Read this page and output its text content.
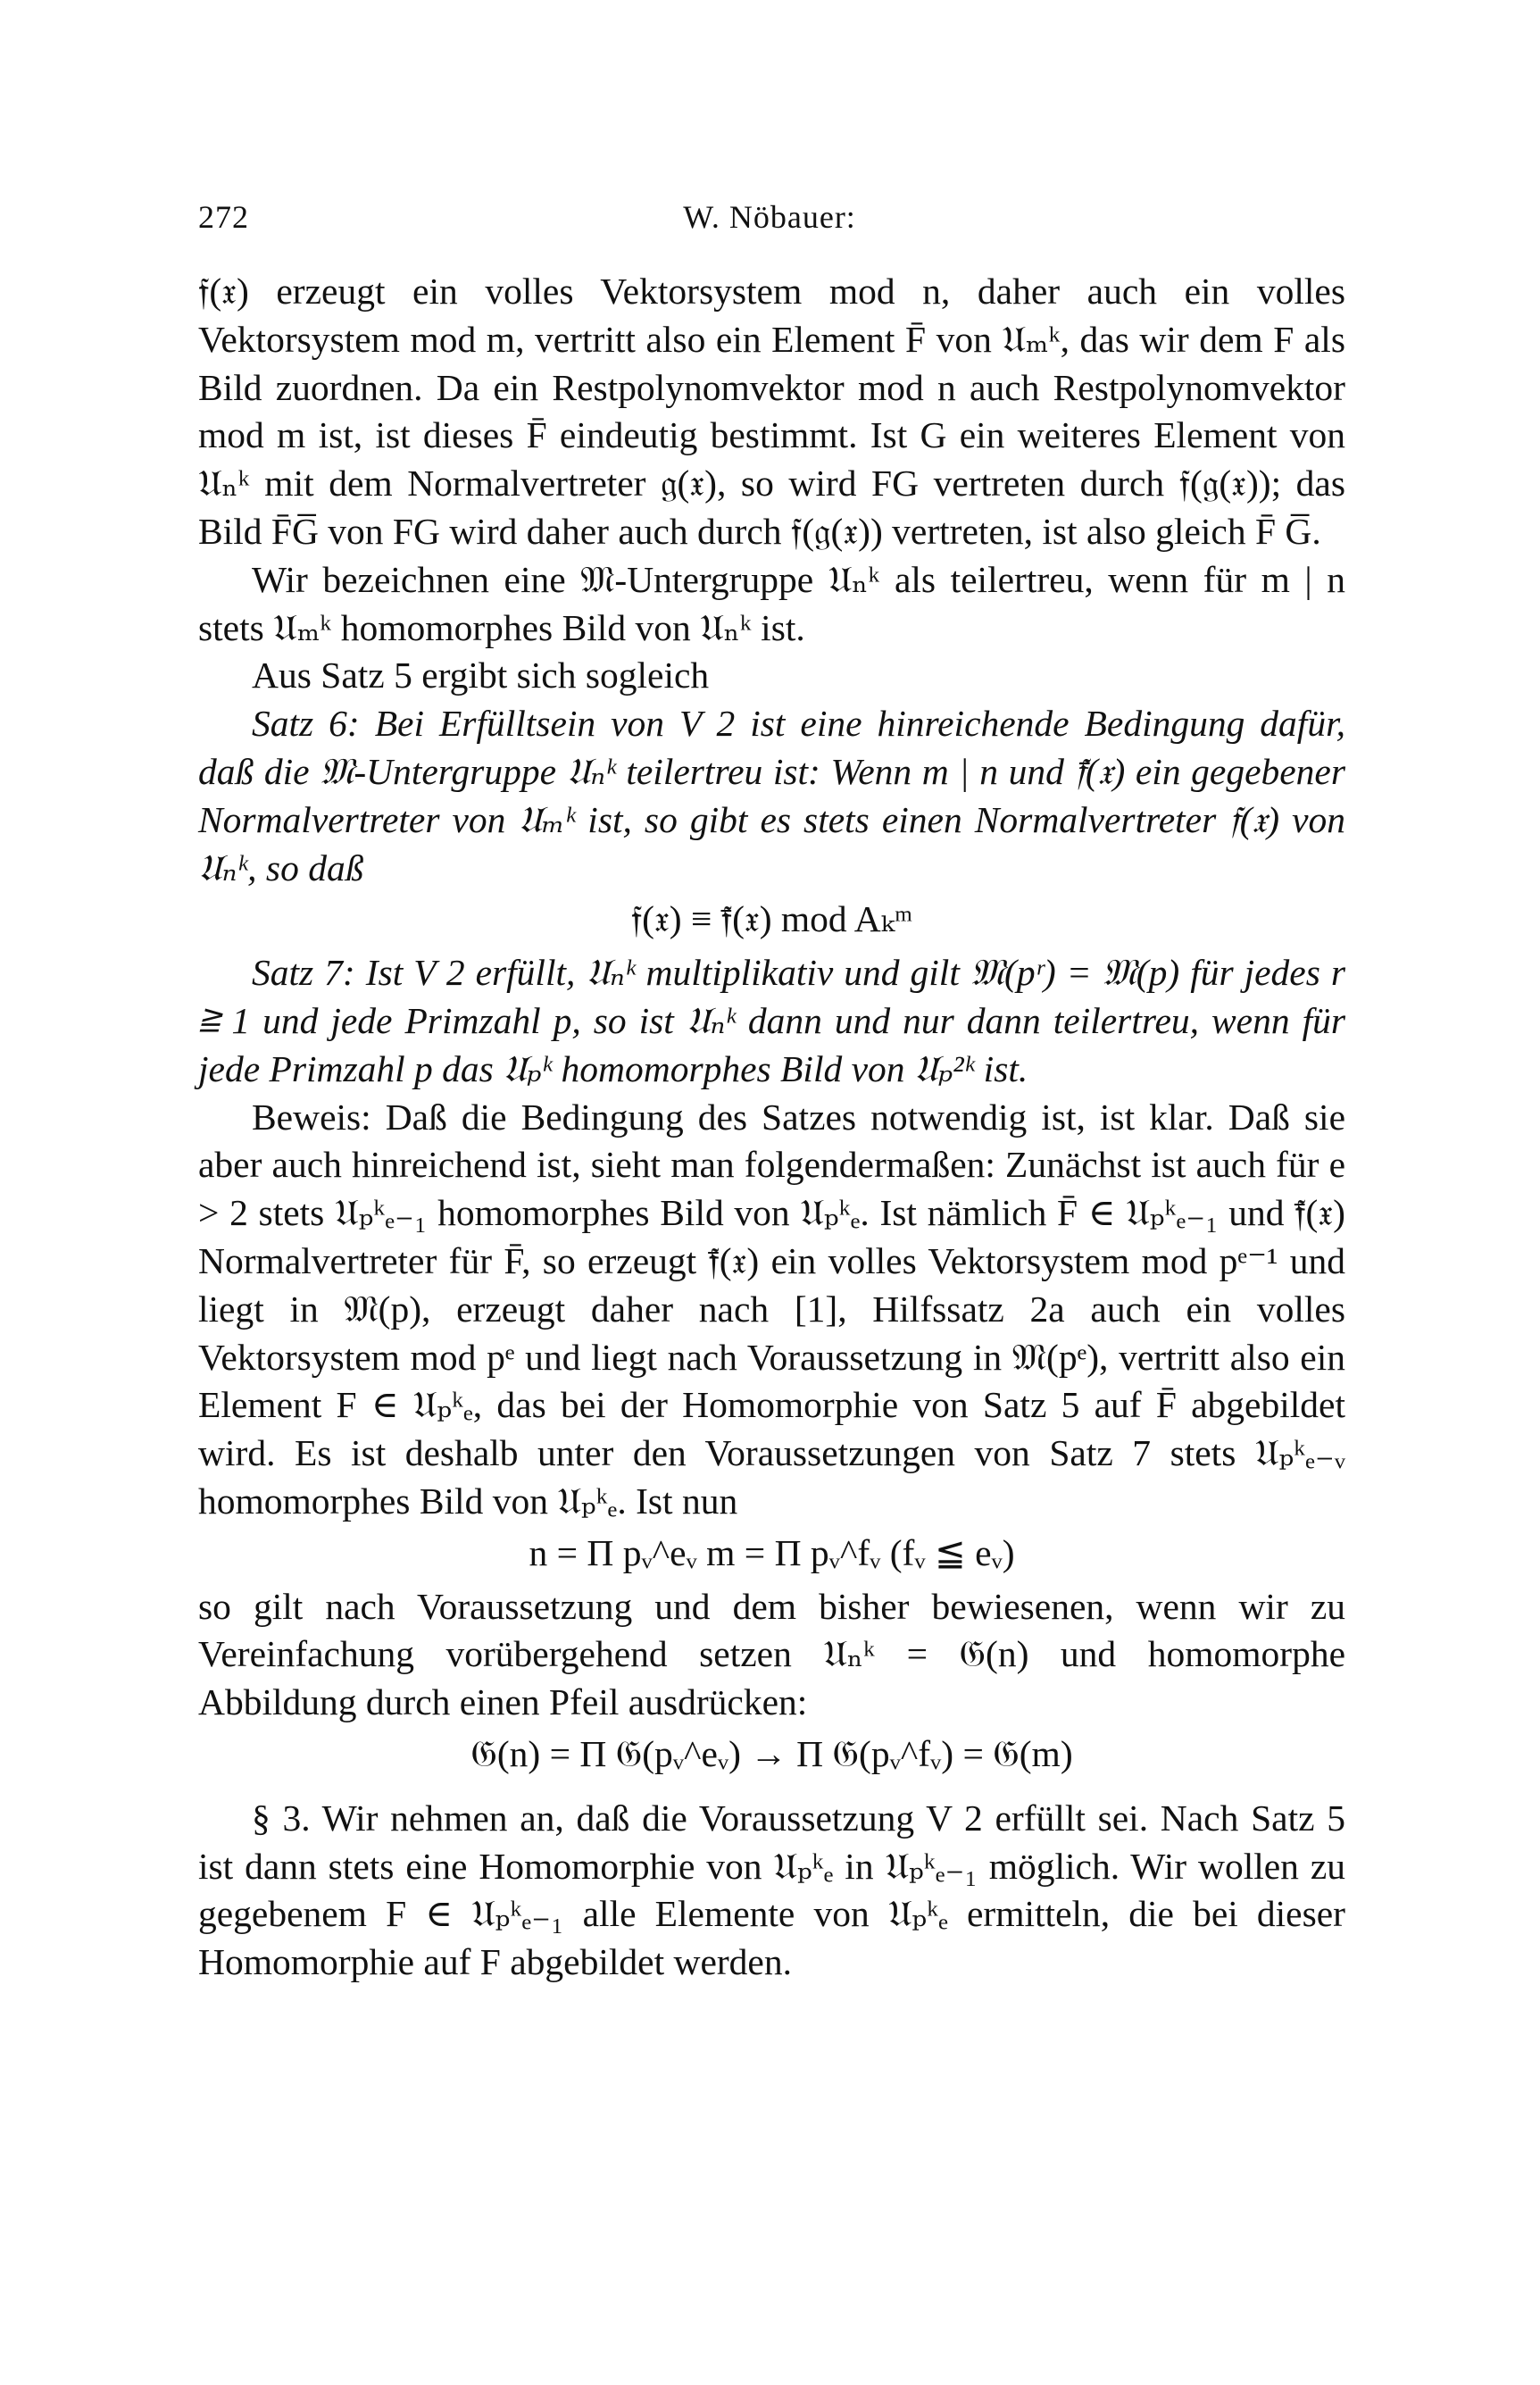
272	W. Nöbauer:

𝔣(𝔵) erzeugt ein volles Vektorsystem mod n, daher auch ein volles Vektorsystem mod m, vertritt also ein Element F̄ von 𝔘ₘᵏ, das wir dem F als Bild zuordnen. Da ein Restpolynomvektor mod n auch Restpolynomvektor mod m ist, ist dieses F̄ eindeutig bestimmt. Ist G ein weiteres Element von 𝔘ₙᵏ mit dem Normalvertreter 𝔤(𝔵), so wird FG vertreten durch 𝔣(𝔤(𝔵)); das Bild F̄G̅ von FG wird daher auch durch 𝔣(𝔤(𝔵)) vertreten, ist also gleich F̄ G̅.

Wir bezeichnen eine 𝔐-Untergruppe 𝔘ₙᵏ als teilertreu, wenn für m | n stets 𝔘ₘᵏ homomorphes Bild von 𝔘ₙᵏ ist.

Aus Satz 5 ergibt sich sogleich

Satz 6: Bei Erfülltsein von V 2 ist eine hinreichende Bedingung dafür, daß die 𝔐-Untergruppe 𝔘ₙᵏ teilertreu ist: Wenn m | n und 𝔣̄(𝔵) ein gegebener Normalvertreter von 𝔘ₘᵏ ist, so gibt es stets einen Normalvertreter 𝔣(𝔵) von 𝔘ₙᵏ, so daß

𝔣(𝔵) ≡ 𝔣̄(𝔵) mod Aₖᵐ

Satz 7: Ist V 2 erfüllt, 𝔘ₙᵏ multiplikativ und gilt 𝔐(pʳ) = 𝔐(p) für jedes r ≧ 1 und jede Primzahl p, so ist 𝔘ₙᵏ dann und nur dann teilertreu, wenn für jede Primzahl p das 𝔘ₚᵏ homomorphes Bild von 𝔘ₚ²ᵏ ist.

Beweis: Daß die Bedingung des Satzes notwendig ist, ist klar. Daß sie aber auch hinreichend ist, sieht man folgendermaßen: Zunächst ist auch für e > 2 stets 𝔘ₚᵏₑ₋₁ homomorphes Bild von 𝔘ₚᵏₑ. Ist nämlich F̄ ∈ 𝔘ₚᵏₑ₋₁ und 𝔣̄(𝔵) Normalvertreter für F̄, so erzeugt 𝔣̄(𝔵) ein volles Vektorsystem mod pᵉ⁻¹ und liegt in 𝔐(p), erzeugt daher nach [1], Hilfssatz 2a auch ein volles Vektorsystem mod pᵉ und liegt nach Voraussetzung in 𝔐(pᵉ), vertritt also ein Element F ∈ 𝔘ₚᵏₑ, das bei der Homomorphie von Satz 5 auf F̄ abgebildet wird. Es ist deshalb unter den Voraussetzungen von Satz 7 stets 𝔘ₚᵏₑ₋ᵥ homomorphes Bild von 𝔘ₚᵏₑ. Ist nun

n = Π pᵥ^eᵥ m = Π pᵥ^fᵥ (fᵥ ≦ eᵥ)

so gilt nach Voraussetzung und dem bisher bewiesenen, wenn wir zu Vereinfachung vorübergehend setzen 𝔘ₙᵏ = 𝔊(n) und homomorphe Abbildung durch einen Pfeil ausdrücken:

𝔊(n) = Π 𝔊(pᵥ^eᵥ) → Π 𝔊(pᵥ^fᵥ) = 𝔊(m)

§ 3. Wir nehmen an, daß die Voraussetzung V 2 erfüllt sei. Nach Satz 5 ist dann stets eine Homomorphie von 𝔘ₚᵏₑ in 𝔘ₚᵏₑ₋₁ möglich. Wir wollen zu gegebenem F ∈ 𝔘ₚᵏₑ₋₁ alle Elemente von 𝔘ₚᵏₑ ermitteln, die bei dieser Homomorphie auf F abgebildet werden.
